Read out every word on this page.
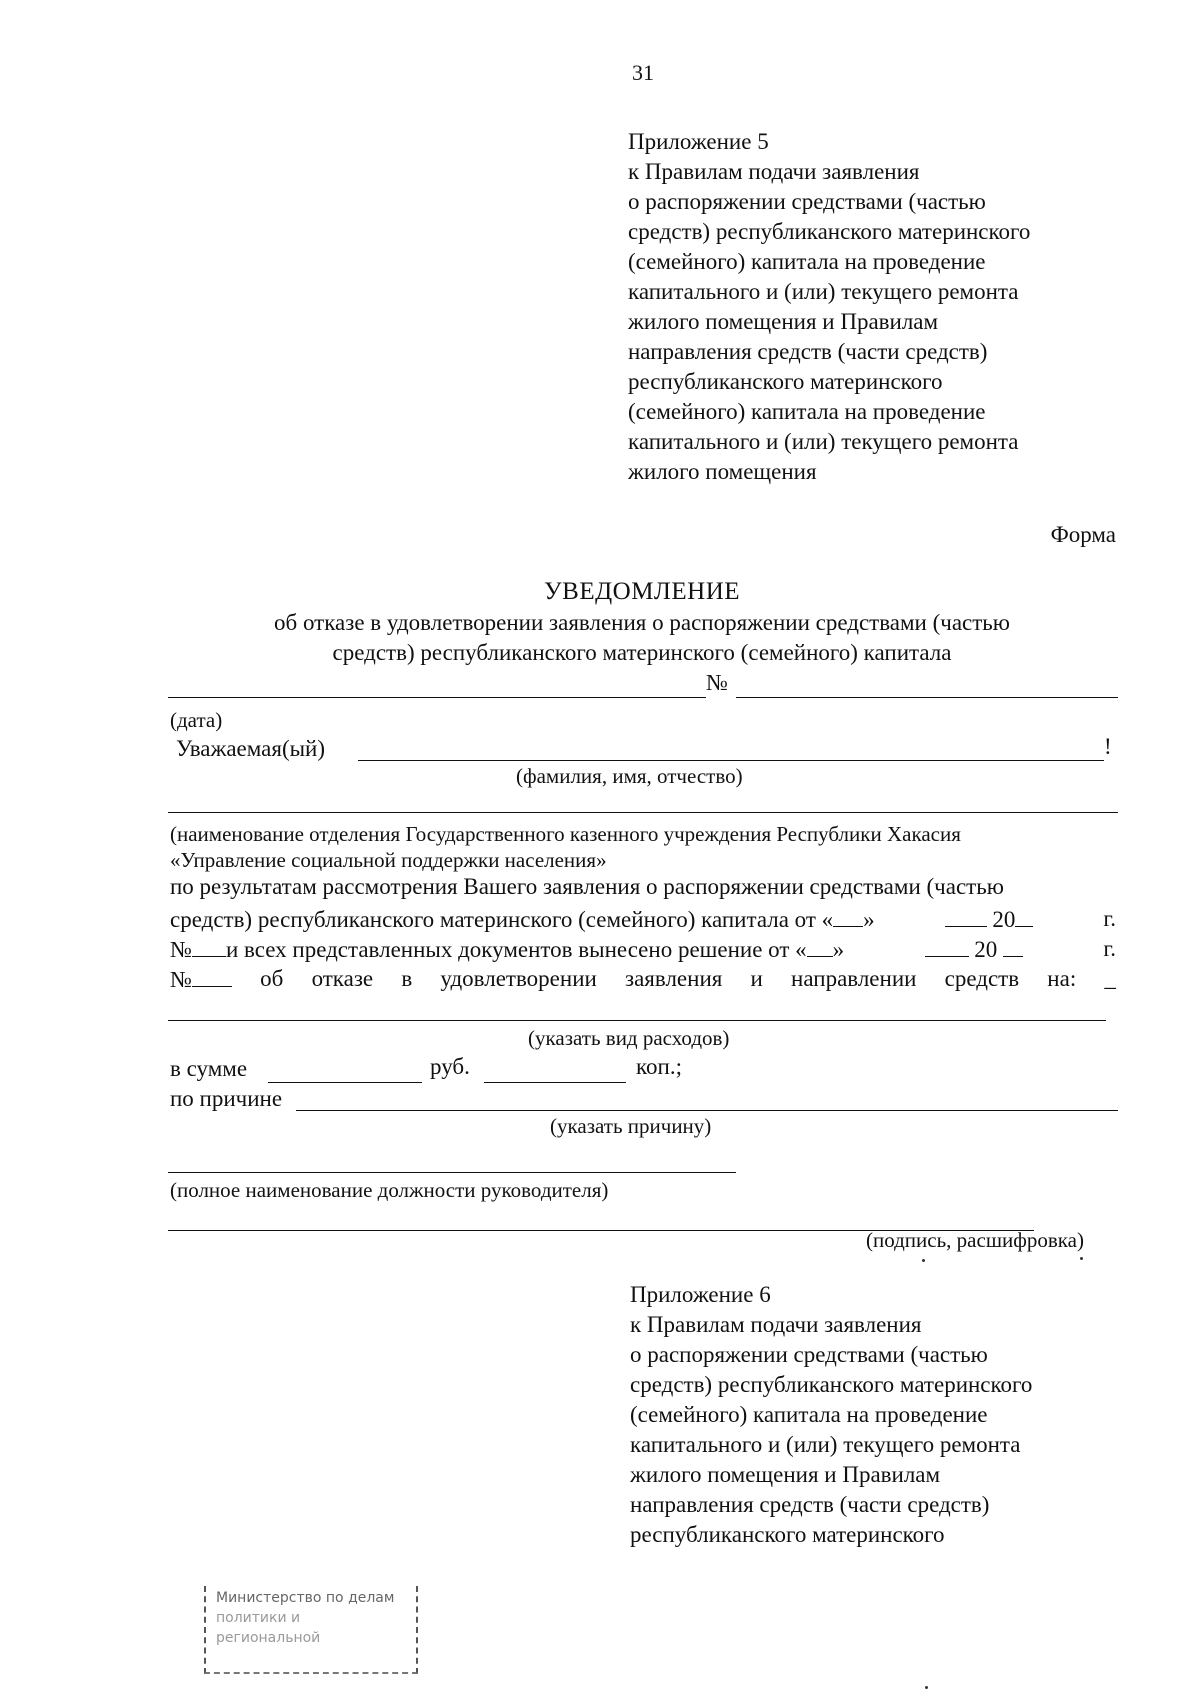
31
Приложение 5
к Правилам подачи заявления
о распоряжении средствами (частью
средств) республиканского материнского
(семейного) капитала на проведение
капитального и (или) текущего ремонта
жилого помещения и Правилам
направления средств (части средств)
республиканского материнского
(семейного) капитала на проведение
капитального и (или) текущего ремонта
жилого помещения
Форма
УВЕДОМЛЕНИЕ
об отказе в удовлетворении заявления о распоряжении средствами (частью
средств) республиканского материнского (семейного) капитала
№
(дата)
Уважаемая(ый)	!
(фамилия, имя, отчество)
(наименование отделения Государственного казенного учреждения Республики Хакасия
«Управление социальной поддержки населения»
по результатам рассмотрения Вашего заявления о распоряжении средствами (частью
средств) республиканского материнского (семейного) капитала от « »	20	г.
№ и всех представленных документов вынесено решение от « »	20	г.
№	об отказе в удовлетворении заявления и направлении средств на: _
(указать вид расходов)
в сумме	руб.	коп.;
по причине
(указать причину)
(полное наименование должности руководителя)
(подпись, расшифровка)
Приложение 6
к Правилам подачи заявления
о распоряжении средствами (частью
средств) республиканского материнского
(семейного) капитала на проведение
капитального и (или) текущего ремонта
жилого помещения и Правилам
направления средств (части средств)
республиканского материнского
Министерство по делам
политики и региональной
